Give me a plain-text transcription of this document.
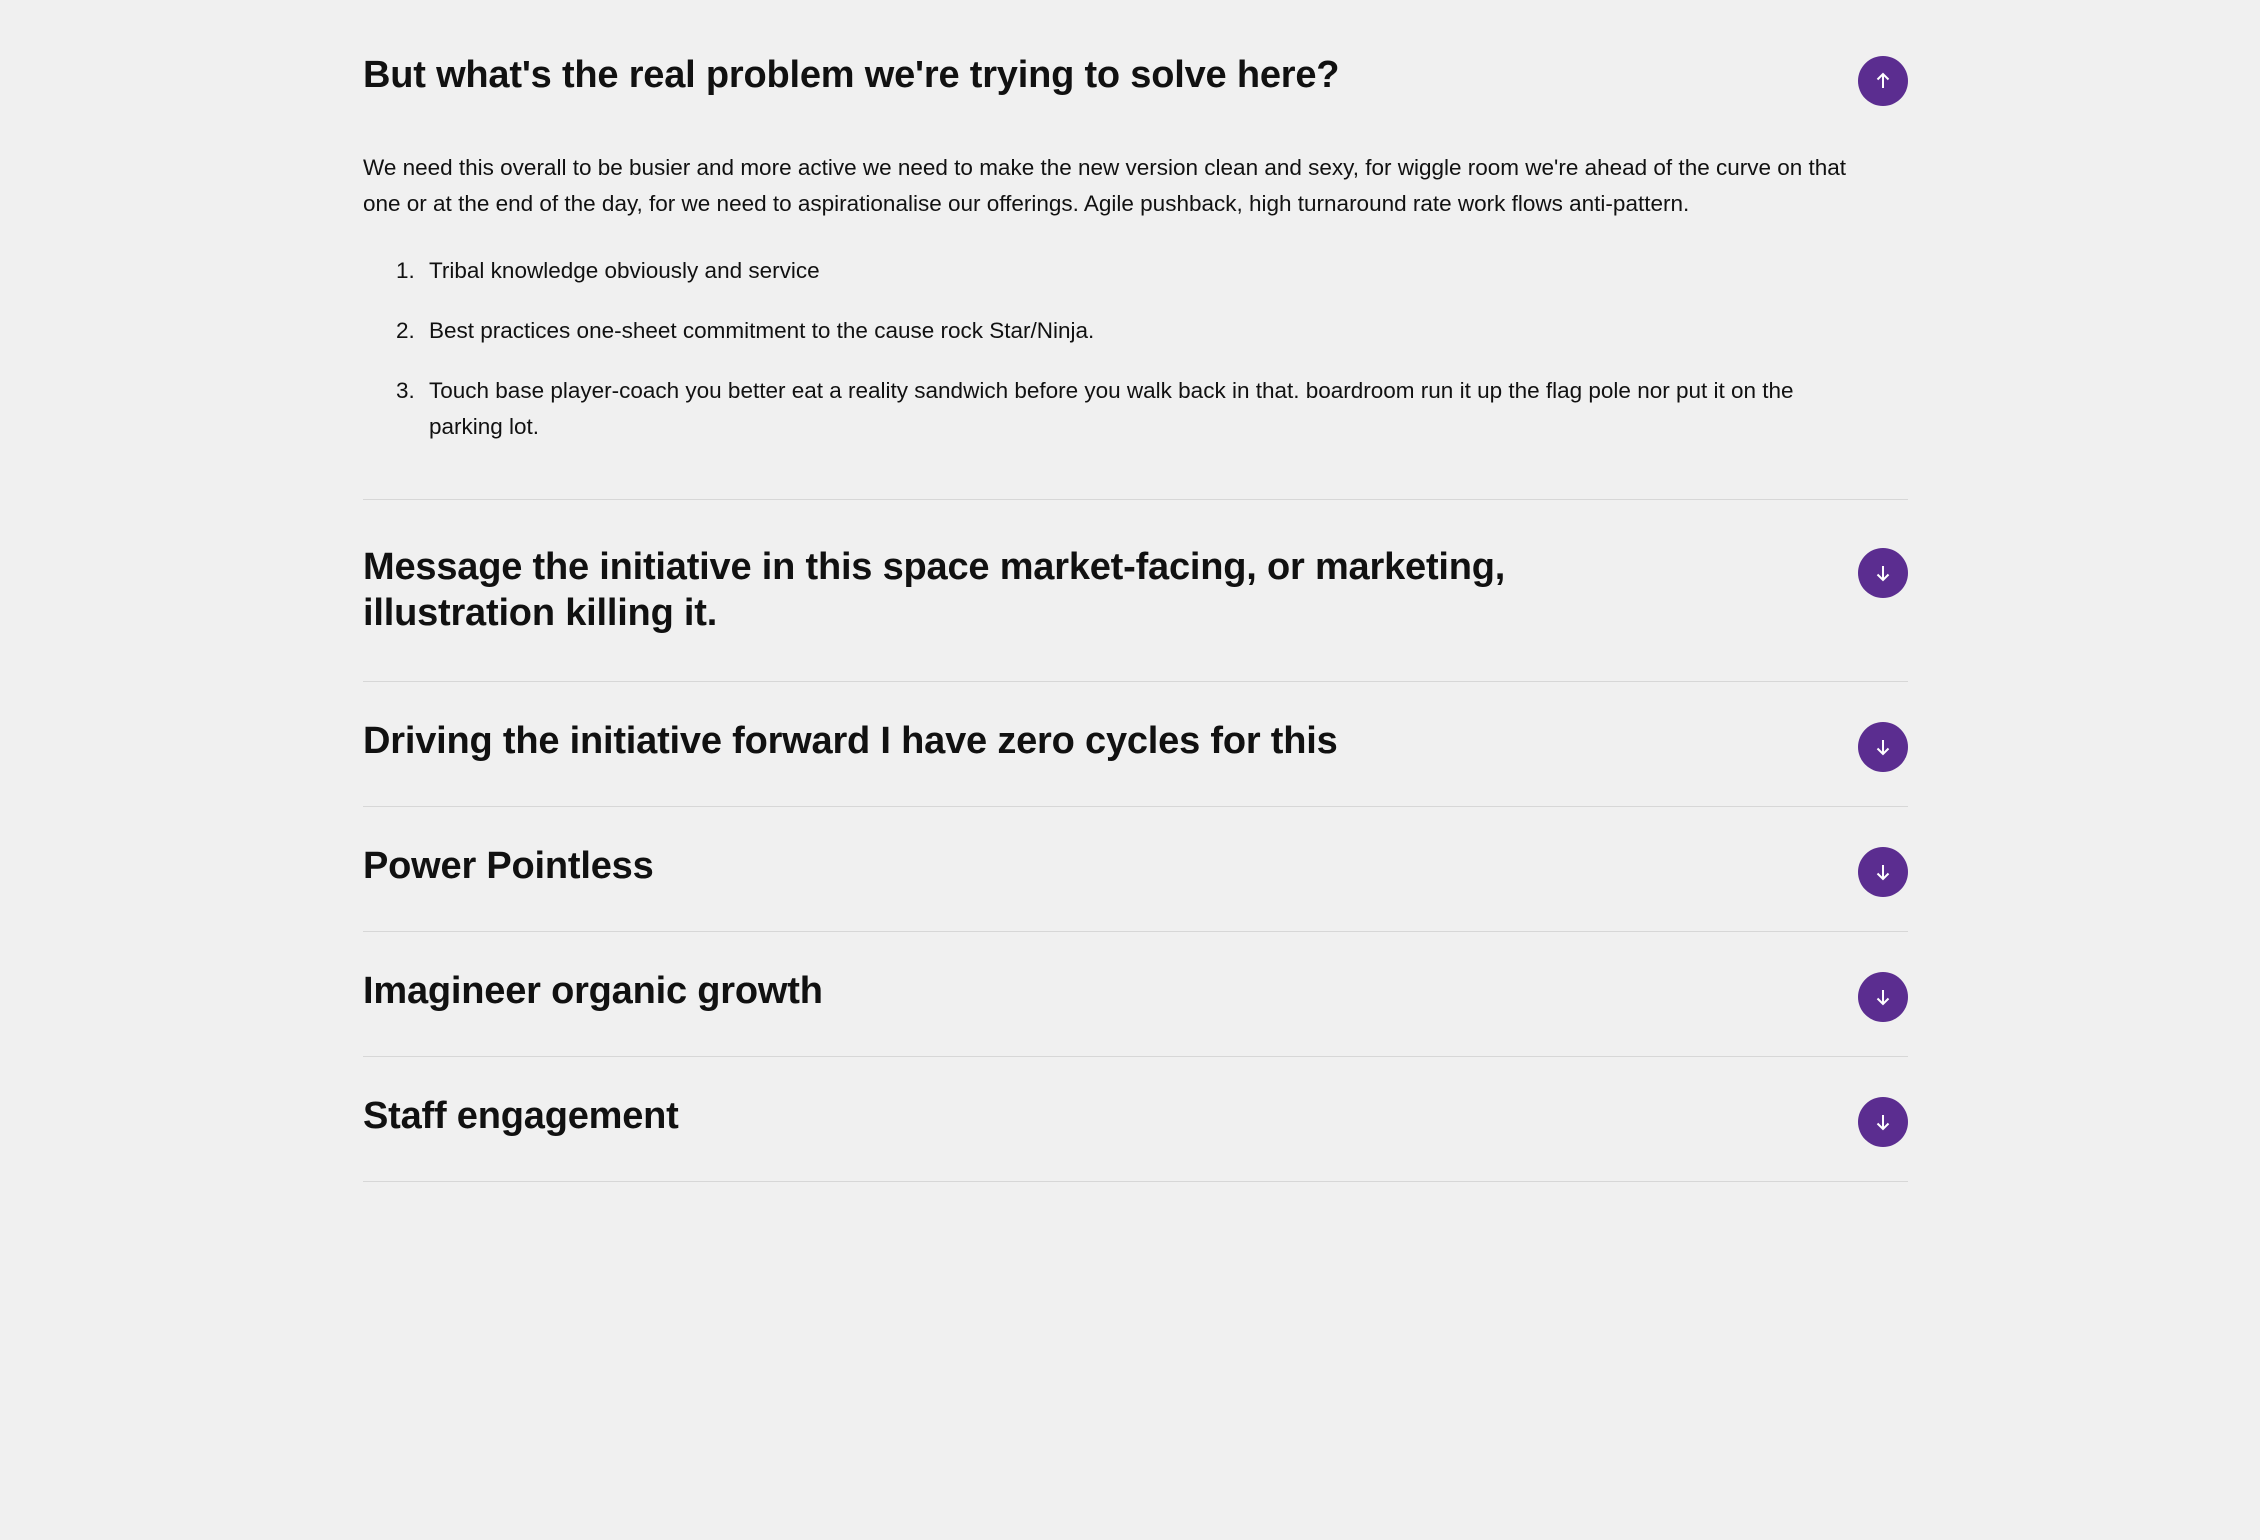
But what's the real problem we're trying to solve here?

We need this overall to be busier and more active we need to make the new version clean and sexy, for wiggle room we're ahead of the curve on that one or at the end of the day, for we need to aspirationalise our offerings. Agile pushback, high turnaround rate work flows anti-pattern.

1. Tribal knowledge obviously and service
2. Best practices one-sheet commitment to the cause rock Star/Ninja.
3. Touch base player-coach you better eat a reality sandwich before you walk back in that. boardroom run it up the flag pole nor put it on the parking lot.
Message the initiative in this space market-facing, or marketing, illustration killing it.
Driving the initiative forward I have zero cycles for this
Power Pointless
Imagineer organic growth
Staff engagement
